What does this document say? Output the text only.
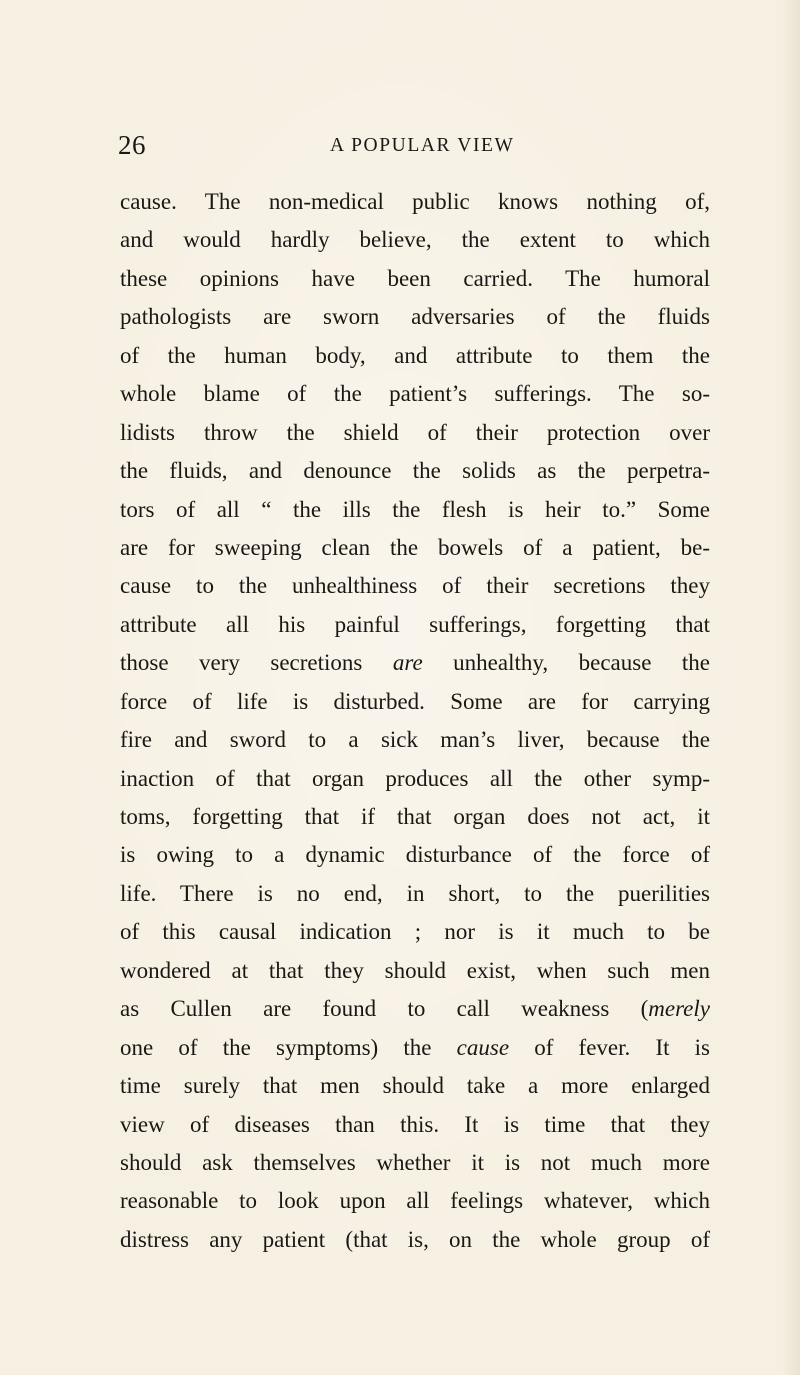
26	A POPULAR VIEW
cause. The non-medical public knows nothing of,
and would hardly believe, the extent to which
these opinions have been carried. The humoral
pathologists are sworn adversaries of the fluids
of the human body, and attribute to them the
whole blame of the patient’s sufferings. The so-
lidists throw the shield of their protection over
the fluids, and denounce the solids as the perpetra-
tors of all “ the ills the flesh is heir to.” Some
are for sweeping clean the bowels of a patient, be-
cause to the unhealthiness of their secretions they
attribute all his painful sufferings, forgetting that
those very secretions are unhealthy, because the
force of life is disturbed. Some are for carrying
fire and sword to a sick man’s liver, because the
inaction of that organ produces all the other symp-
toms, forgetting that if that organ does not act, it
is owing to a dynamic disturbance of the force of
life. There is no end, in short, to the puerilities
of this causal indication ; nor is it much to be
wondered at that they should exist, when such men
as Cullen are found to call weakness (merely
one of the symptoms) the cause of fever. It is
time surely that men should take a more enlarged
view of diseases than this. It is time that they
should ask themselves whether it is not much more
reasonable to look upon all feelings whatever, which
distress any patient (that is, on the whole group of
